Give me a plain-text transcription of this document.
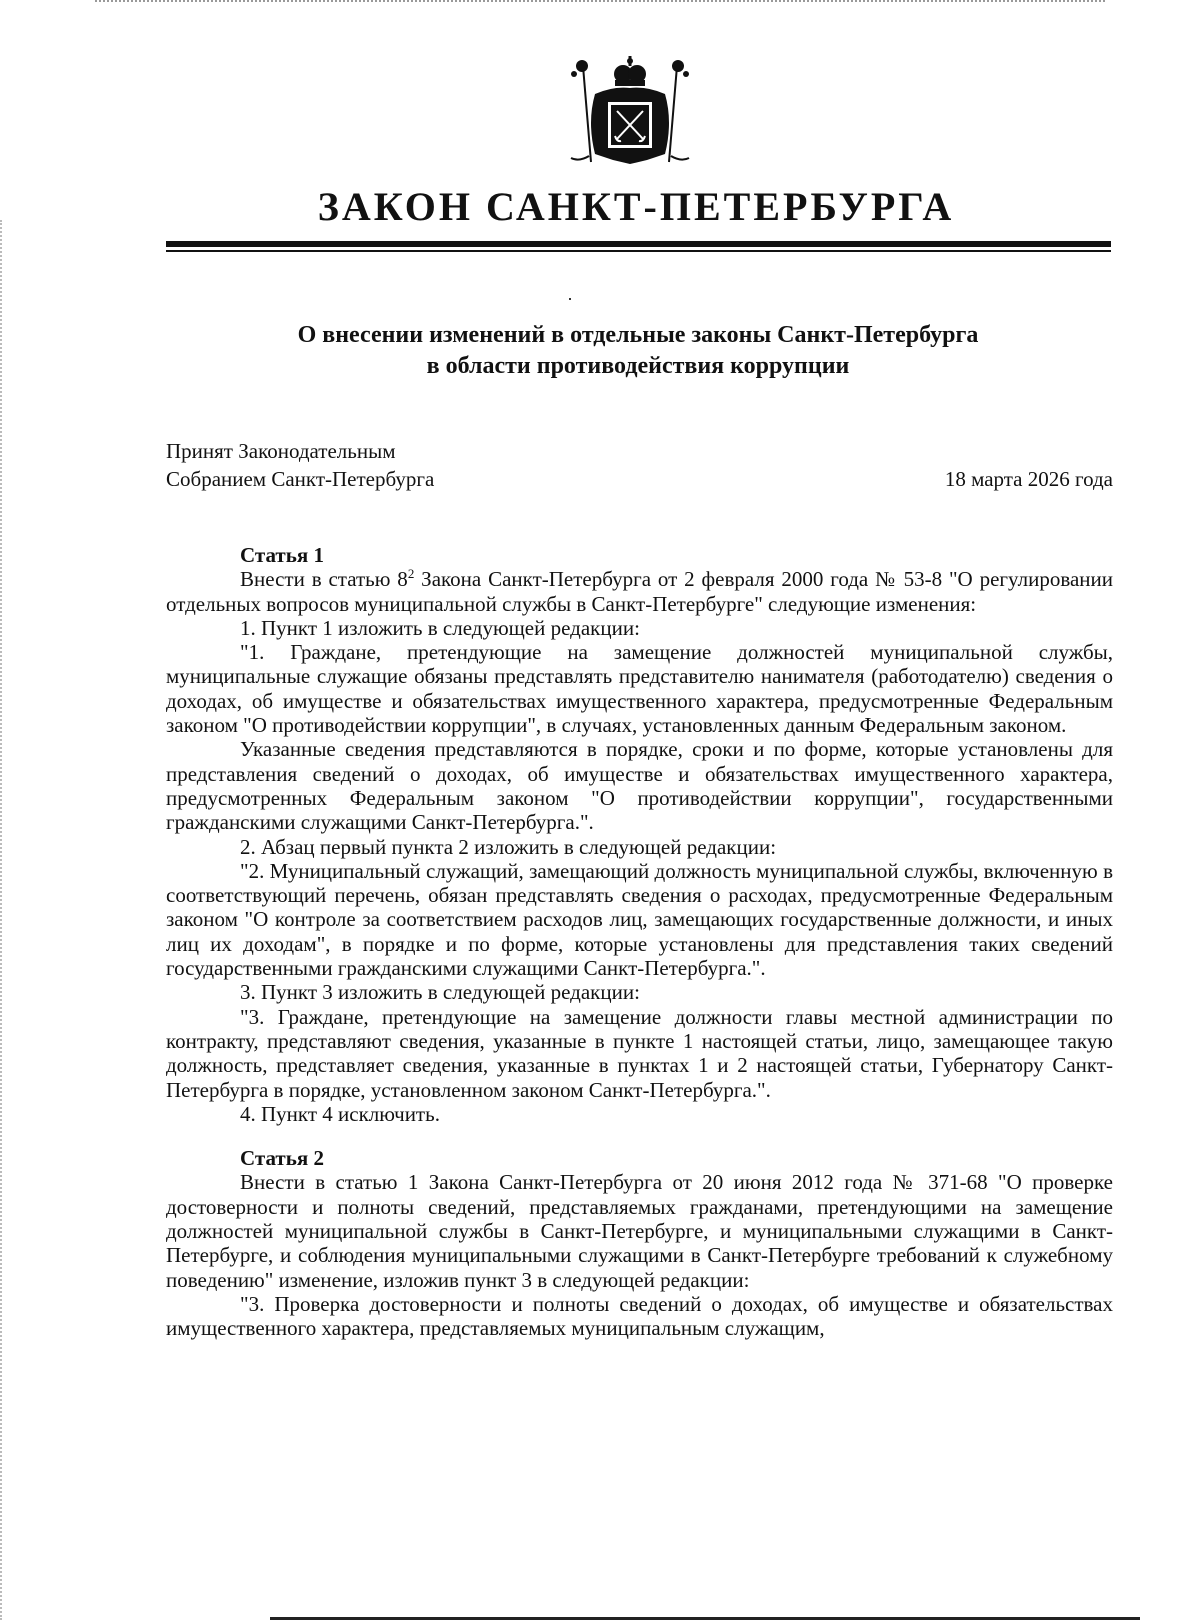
ЗАКОН САНКТ-ПЕТЕРБУРГА
О внесении изменений в отдельные законы Санкт-Петербурга
в области противодействия коррупции
Принят Законодательным
Собранием Санкт-Петербурга	18 марта 2026 года

Статья 1

Внести в статью $8^2$ Закона Санкт-Петербурга от 2 февраля 2000 года № 53-8 "О регулировании отдельных вопросов муниципальной службы в Санкт-Петербурге" следующие изменения:

1. Пункт 1 изложить в следующей редакции:

"1. Граждане, претендующие на замещение должностей муниципальной службы, муниципальные служащие обязаны представлять представителю нанимателя (работодателю) сведения о доходах, об имуществе и обязательствах имущественного характера, предусмотренные Федеральным законом "О противодействии коррупции", в случаях, установленных данным Федеральным законом.

Указанные сведения представляются в порядке, сроки и по форме, которые установлены для представления сведений о доходах, об имуществе и обязательствах имущественного характера, предусмотренных Федеральным законом "О противодействии коррупции", государственными гражданскими служащими Санкт-Петербурга.".

2. Абзац первый пункта 2 изложить в следующей редакции:

"2. Муниципальный служащий, замещающий должность муниципальной службы, включенную в соответствующий перечень, обязан представлять сведения о расходах, предусмотренные Федеральным законом "О контроле за соответствием расходов лиц, замещающих государственные должности, и иных лиц их доходам", в порядке и по форме, которые установлены для представления таких сведений государственными гражданскими служащими Санкт-Петербурга.".

3. Пункт 3 изложить в следующей редакции:

"3. Граждане, претендующие на замещение должности главы местной администрации по контракту, представляют сведения, указанные в пункте 1 настоящей статьи, лицо, замещающее такую должность, представляет сведения, указанные в пунктах 1 и 2 настоящей статьи, Губернатору Санкт-Петербурга в порядке, установленном законом Санкт-Петербурга.".

4. Пункт 4 исключить.

Статья 2

Внести в статью 1 Закона Санкт-Петербурга от 20 июня 2012 года № 371-68 "О проверке достоверности и полноты сведений, представляемых гражданами, претендующими на замещение должностей муниципальной службы в Санкт-Петербурге, и муниципальными служащими в Санкт-Петербурге, и соблюдения муниципальными служащими в Санкт-Петербурге требований к служебному поведению" изменение, изложив пункт 3 в следующей редакции:

"3. Проверка достоверности и полноты сведений о доходах, об имуществе и обязательствах имущественного характера, представляемых муниципальным служащим,
